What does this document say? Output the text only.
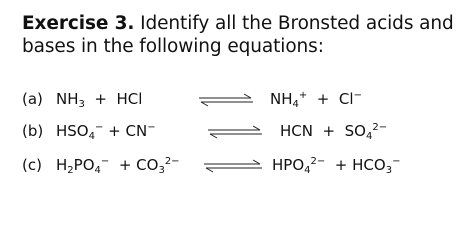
Exercise 3. Identify all the Bronsted acids and
bases in the following equations:
(a) $NH_3$  +  HCl	⇌ $NH_4^+ + Cl^-$
(b) $HSO_4^- + CN^-$	⇌ HCN  +  $SO_4^{2-}$
(c) $H_2PO_4^- + CO_3^{2-}$	$HPO_4^{2-} + HCO_3^-$
